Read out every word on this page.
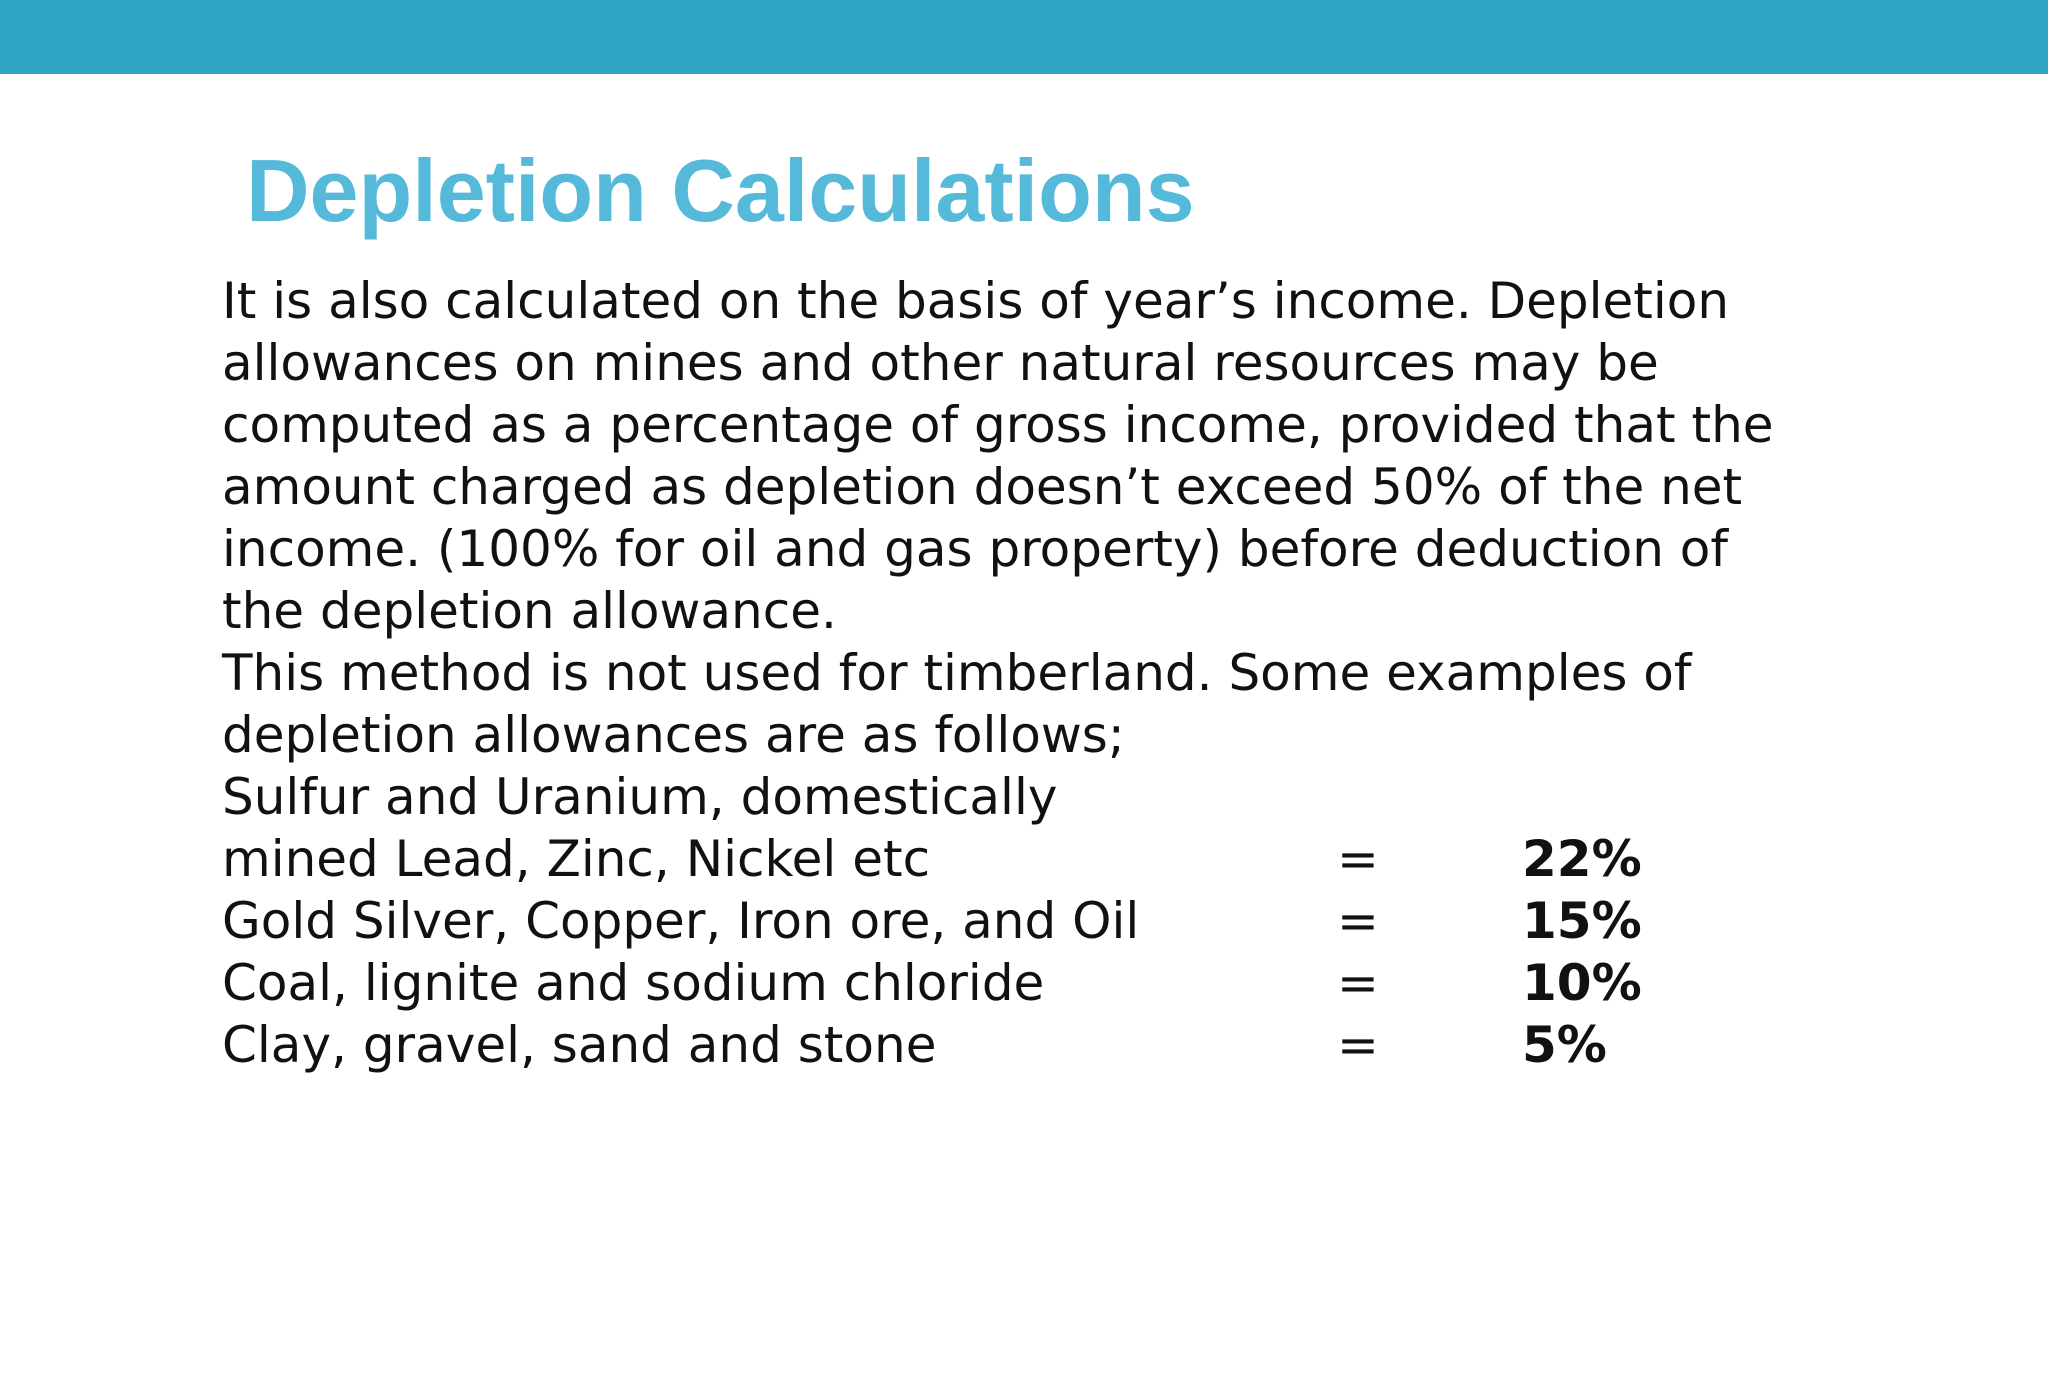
Depletion Calculations
It is also calculated on the basis of year’s income. Depletion
allowances on mines and other natural resources may be
computed as a percentage of gross income, provided that the
amount charged as depletion doesn’t exceed 50% of the net
income. (100% for oil and gas property) before deduction of
the depletion allowance.
This method is not used for timberland. Some examples of
depletion allowances are as follows;
Sulfur and Uranium, domestically
mined Lead, Zinc, Nickel etc	=	22%
Gold Silver, Copper, Iron ore, and Oil	=	15%
Coal, lignite and sodium chloride	=	10%
Clay, gravel, sand and stone	=	5%
